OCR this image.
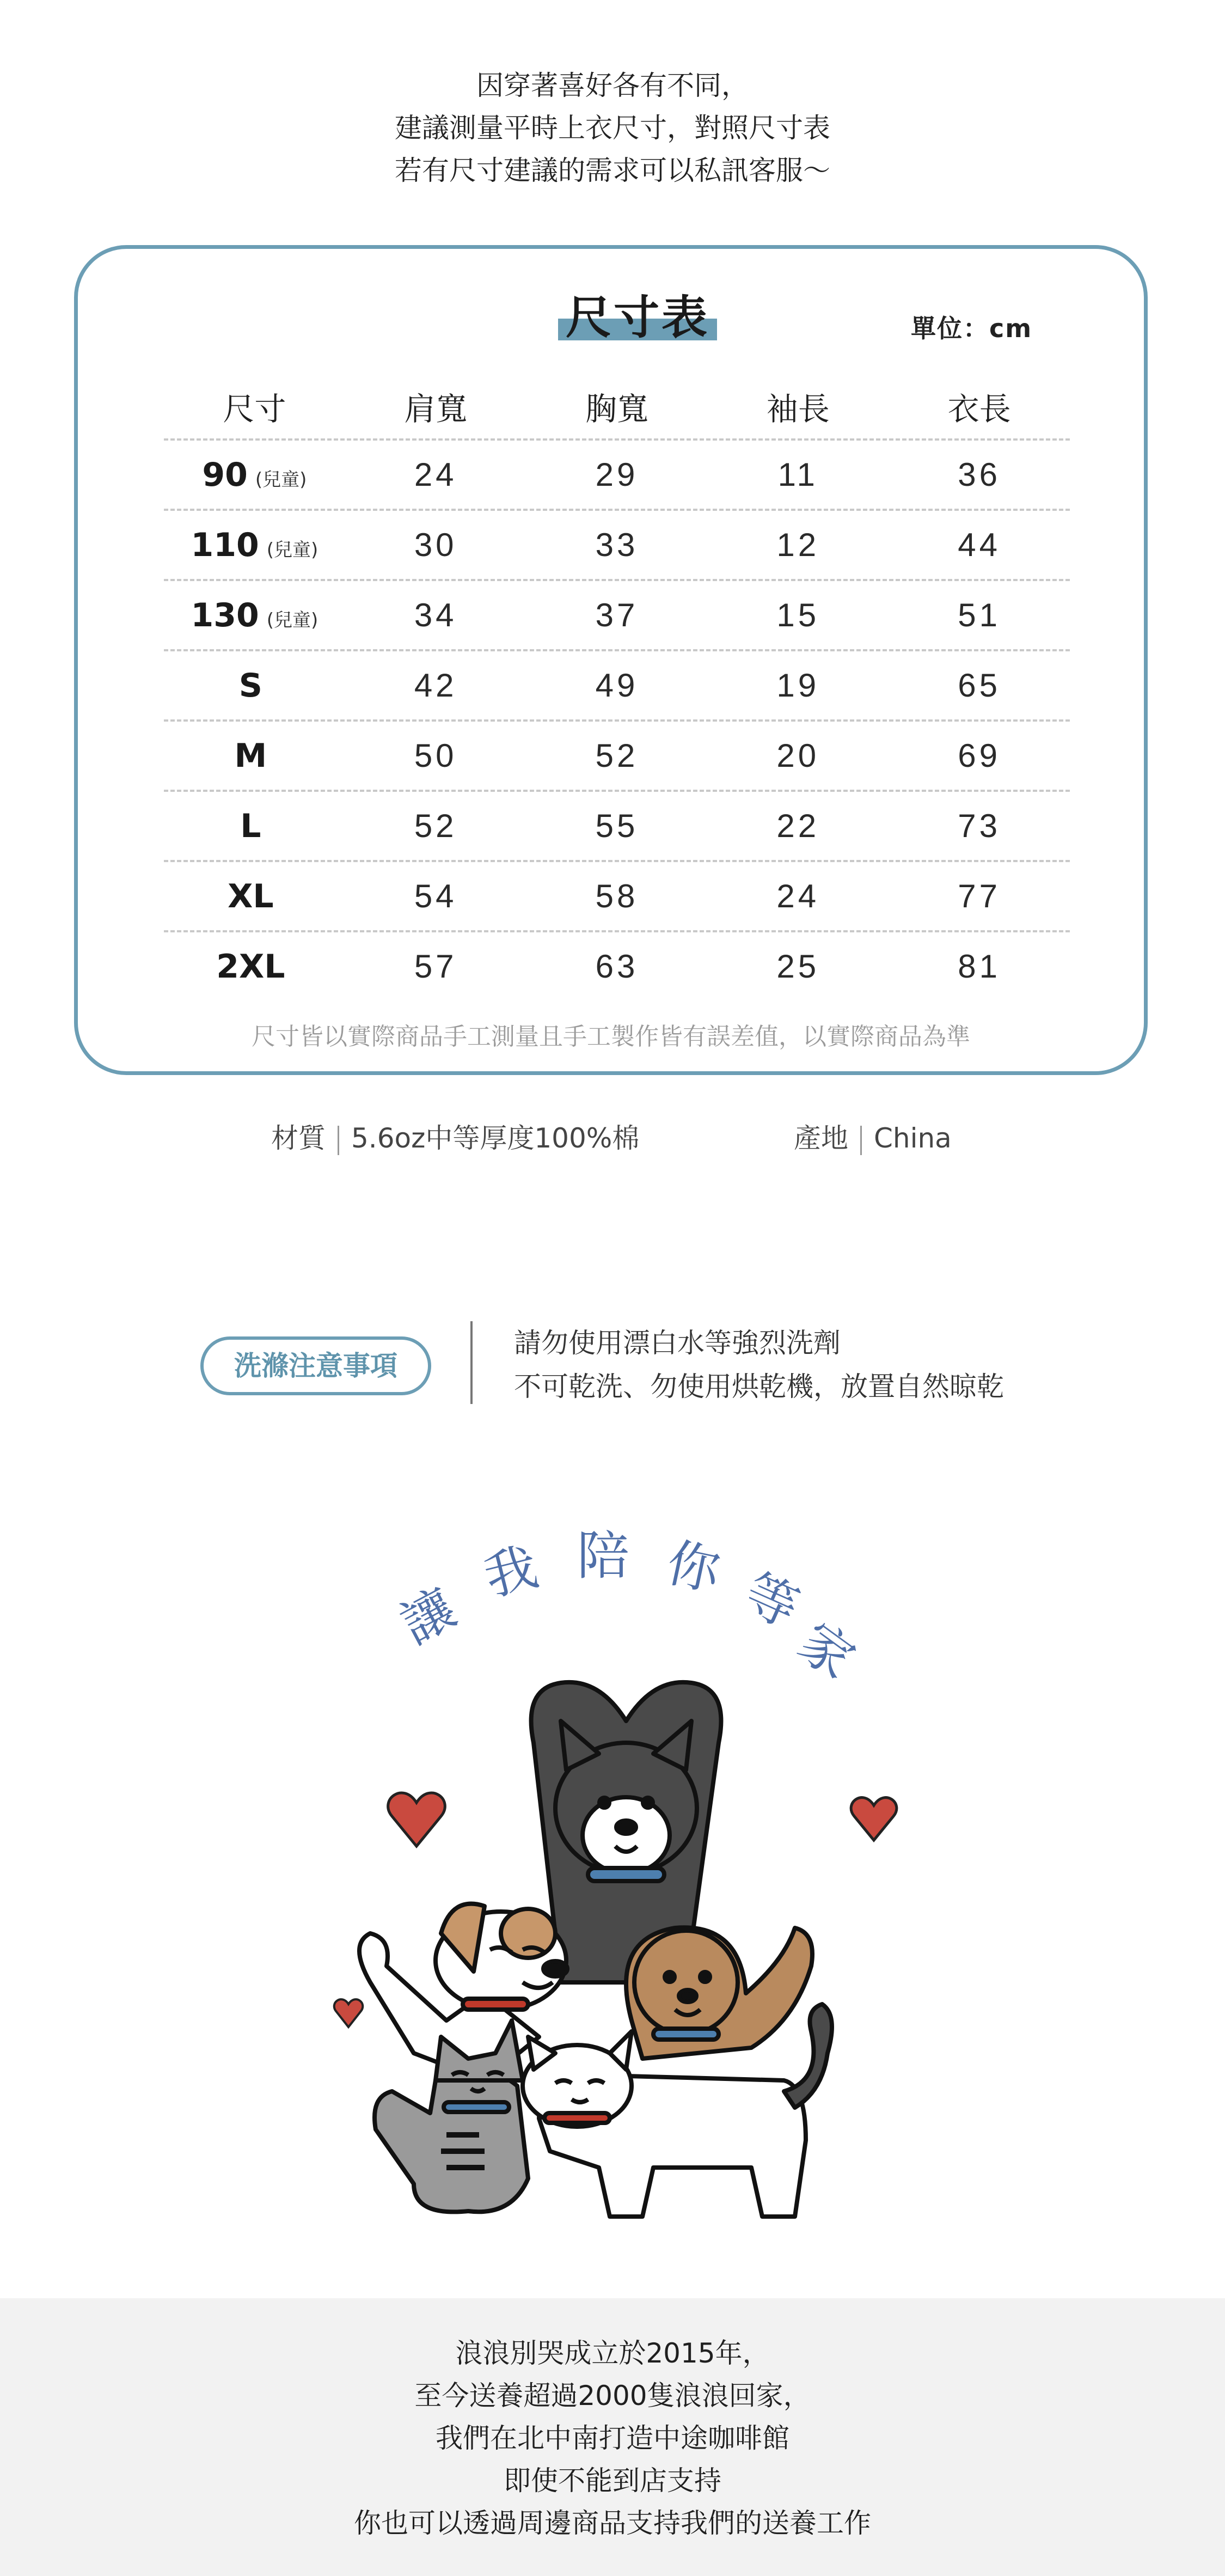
因穿著喜好各有不同，
建議測量平時上衣尺寸，對照尺寸表
若有尺寸建議的需求可以私訊客服～
尺寸表	單位：cm
尺寸	肩寬	胸寬	袖長	衣長
90 (兒童)	24	29	11	36
110 (兒童)	30	33	12	44
130 (兒童)	34	37	15	51
S	42	49	19	65
M	50	52	20	69
L	52	55	22	73
XL	54	58	24	77
2XL	57	63	25	81
尺寸皆以實際商品手工測量且手工製作皆有誤差值，以實際商品為準
材質 5.6oz中等厚度100%棉	產地 China
洗滌注意事項
請勿使用漂白水等強烈洗劑
不可乾洗、勿使用烘乾機，放置自然晾乾
讓
我 陪 你 等
家
浪浪別哭成立於2015年，
至今送養超過2000隻浪浪回家，
我們在北中南打造中途咖啡館
即使不能到店支持
你也可以透過周邊商品支持我們的送養工作
